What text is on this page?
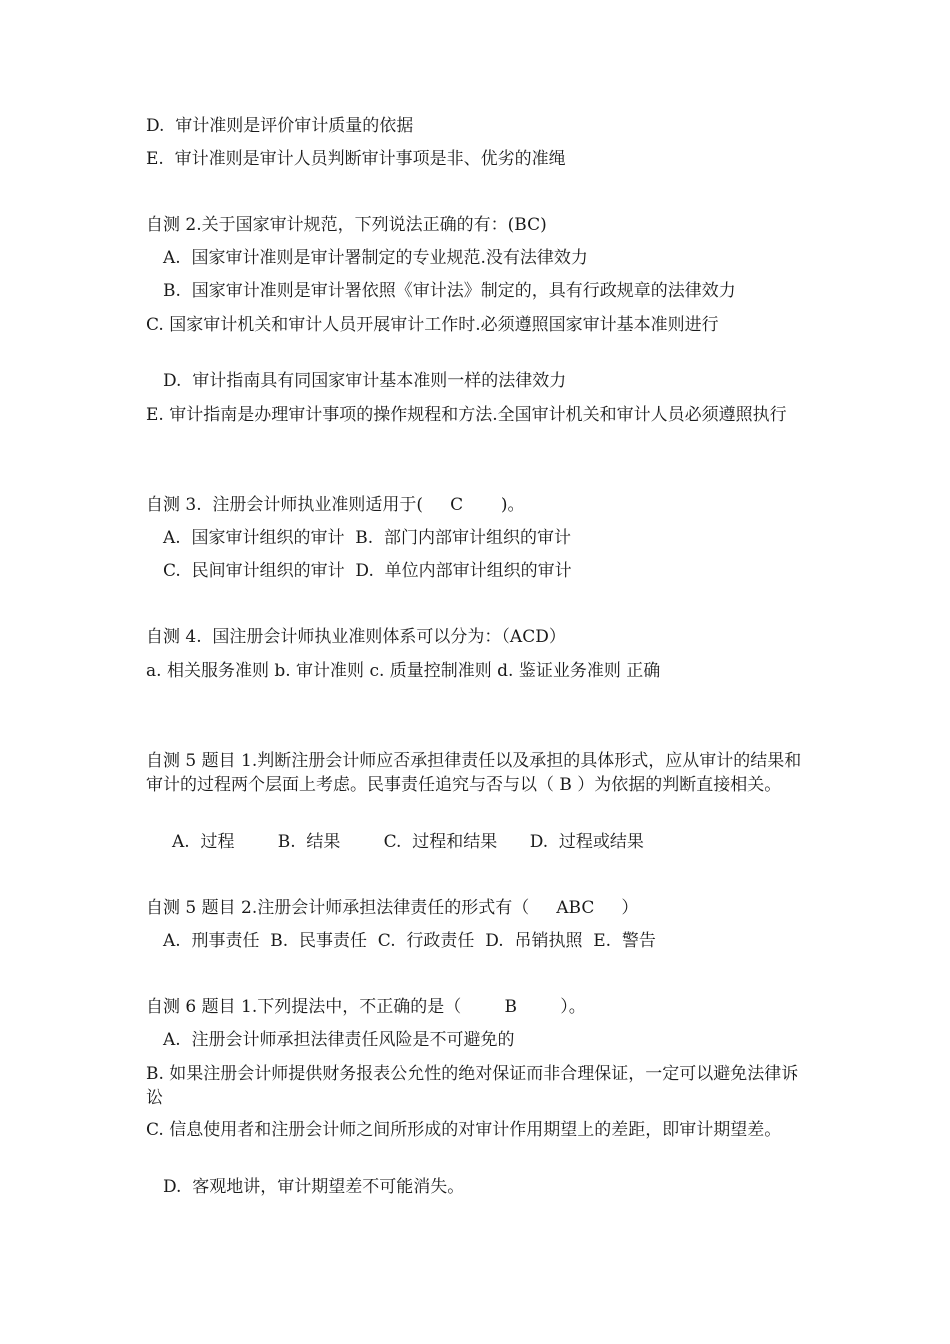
D.  审计准则是评价审计质量的依据

E.  审计准则是审计人员判断审计事项是非、优劣的准绳

自测 2.关于国家审计规范，下列说法正确的有：(BC)

A.  国家审计准则是审计署制定的专业规范.没有法律效力

B.  国家审计准则是审计署依照《审计法》制定的，具有行政规章的法律效力

C. 国家审计机关和审计人员开展审计工作时.必须遵照国家审计基本准则进行

D.  审计指南具有同国家审计基本准则一样的法律效力

E. 审计指南是办理审计事项的操作规程和方法.全国审计机关和审计人员必须遵照执行

自测 3.  注册会计师执业准则适用于(     C       )。

A.  国家审计组织的审计  B.  部门内部审计组织的审计

C.  民间审计组织的审计  D.  单位内部审计组织的审计

自测 4.  国注册会计师执业准则体系可以分为：（ACD）

a. 相关服务准则 b. 审计准则 c. 质量控制准则 d. 鉴证业务准则 正确

自测 5 题目 1.判断注册会计师应否承担律责任以及承担的具体形式，应从审计的结果和审计的过程两个层面上考虑。民事责任追究与否与以（ B ）为依据的判断直接相关。

A.  过程        B.  结果        C.  过程和结果      D.  过程或结果

自测 5 题目 2.注册会计师承担法律责任的形式有（     ABC     ）

A.  刑事责任  B.  民事责任  C.  行政责任  D.  吊销执照  E.  警告

自测 6 题目 1.下列提法中，不正确的是（        B        ）。

A.  注册会计师承担法律责任风险是不可避免的

B. 如果注册会计师提供财务报表公允性的绝对保证而非合理保证，一定可以避免法律诉讼

C. 信息使用者和注册会计师之间所形成的对审计作用期望上的差距，即审计期望差。

D.  客观地讲，审计期望差不可能消失。
